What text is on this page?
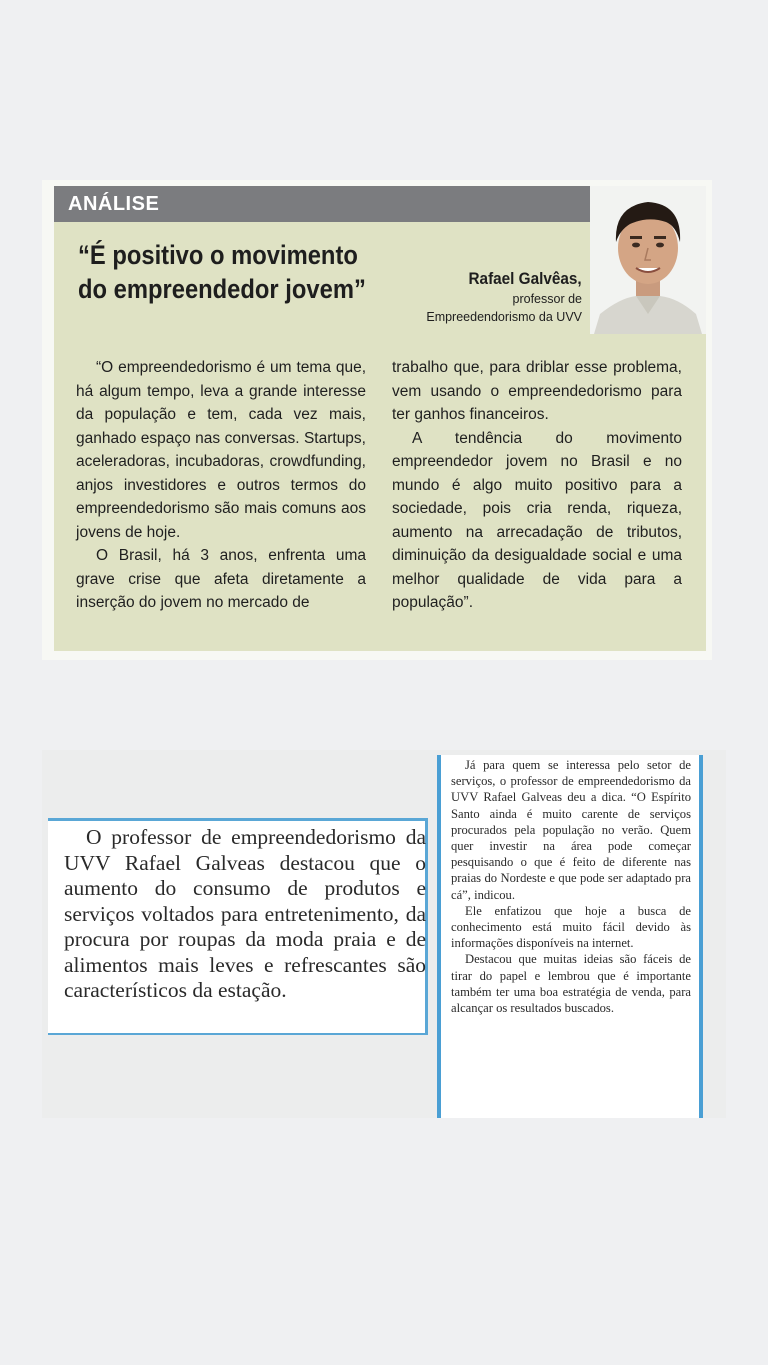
ANÁLISE
“É positivo o movimento do empreendedor jovem”	Rafael Galvêas,
professor de
Empreedendorismo da UVV

“O empreendedorismo é um tema que, há algum tempo, leva a grande interesse da população e tem, cada vez mais, ganhado espaço nas conversas. Startups, aceleradoras, incubadoras, crowdfunding, anjos investidores e outros termos do empreendedorismo são mais comuns aos jovens de hoje.

O Brasil, há 3 anos, enfrenta uma grave crise que afeta diretamente a inserção do jovem no mercado de

trabalho que, para driblar esse problema, vem usando o empreendedorismo para ter ganhos financeiros.

A tendência do movimento empreendedor jovem no Brasil e no mundo é algo muito positivo para a sociedade, pois cria renda, riqueza, aumento na arrecadação de tributos, diminuição da desigualdade social e uma melhor qualidade de vida para a população”.

O professor de empreendedorismo da UVV Rafael Galveas destacou que o aumento do consumo de produtos e serviços voltados para entretenimento, da procura por roupas da moda praia e de alimentos mais leves e refrescantes são característicos da estação.

Já para quem se interessa pelo setor de serviços, o professor de empreendedorismo da UVV Rafael Galveas deu a dica. “O Espírito Santo ainda é muito carente de serviços procurados pela população no verão. Quem quer investir na área pode começar pesquisando o que é feito de diferente nas praias do Nordeste e que pode ser adaptado pra cá”, indicou.

Ele enfatizou que hoje a busca de conhecimento está muito fácil devido às informações disponíveis na internet.

Destacou que muitas ideias são fáceis de tirar do papel e lembrou que é importante também ter uma boa estratégia de venda, para alcançar os resultados buscados.
